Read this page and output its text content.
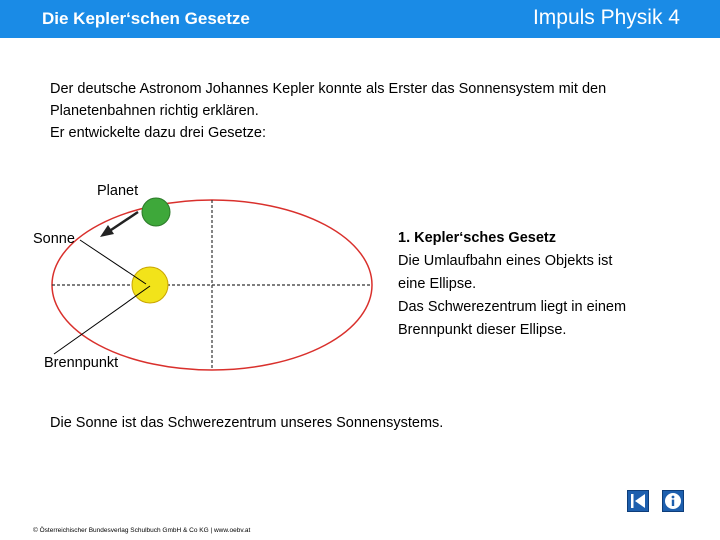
Die Kepler‘schen Gesetze	Impuls Physik 4
Der deutsche Astronom Johannes Kepler konnte als Erster das Sonnensystem mit den
Planetenbahnen richtig erklären.
Er entwickelte dazu drei Gesetze:
Planet
Sonne
Brennpunkt
1. Kepler‘sches Gesetz
Die Umlaufbahn eines Objekts ist
eine Ellipse.
Das Schwerezentrum liegt in einem
Brennpunkt dieser Ellipse.
Die Sonne ist das Schwerezentrum unseres Sonnensystems.
© Österreichischer Bundesverlag Schulbuch GmbH & Co KG | www.oebv.at
